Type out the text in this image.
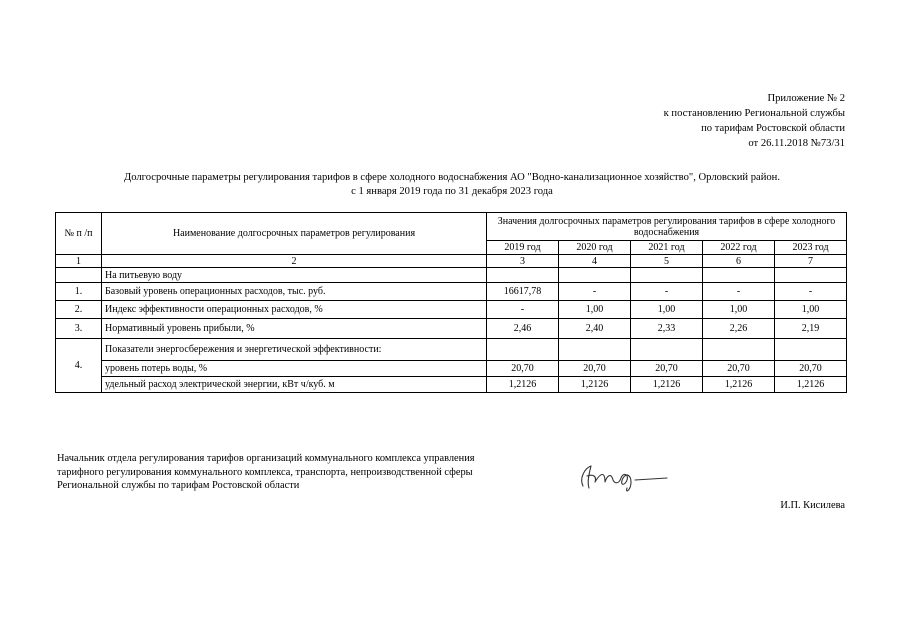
Приложение № 2
к постановлению Региональной службы
по тарифам Ростовской области
от 26.11.2018 №73/31
Долгосрочные параметры регулирования тарифов в сфере холодного водоснабжения АО "Водно-канализационное хозяйство", Орловский район.
с 1 января 2019 года по 31 декабря 2023 года
№ п /п	Наименование долгосрочных параметров регулирования	Значения долгосрочных параметров регулирования тарифов в сфере холодного водоснабжения				
		2019 год	2020 год	2021 год	2022 год	2023 год
1	2	3	4	5	6	7
	На питьевую воду					
1.	Базовый уровень операционных расходов, тыс. руб.	16617,78	-	-	-	-
2.	Индекс эффективности операционных расходов, %	-	1,00	1,00	1,00	1,00
3.	Нормативный уровень прибыли, %	2,46	2,40	2,33	2,26	2,19
4.	Показатели энергосбережения и энергетической эффективности:					
	уровень потерь воды, %	20,70	20,70	20,70	20,70	20,70
	удельный расход электрической энергии, кВт ч/куб. м	1,2126	1,2126	1,2126	1,2126	1,2126
Начальник отдела регулирования тарифов организаций коммунального комплекса управления
тарифного регулирования коммунального комплекса, транспорта, непроизводственной сферы
Региональной службы по тарифам Ростовской области
И.П. Кисилева
